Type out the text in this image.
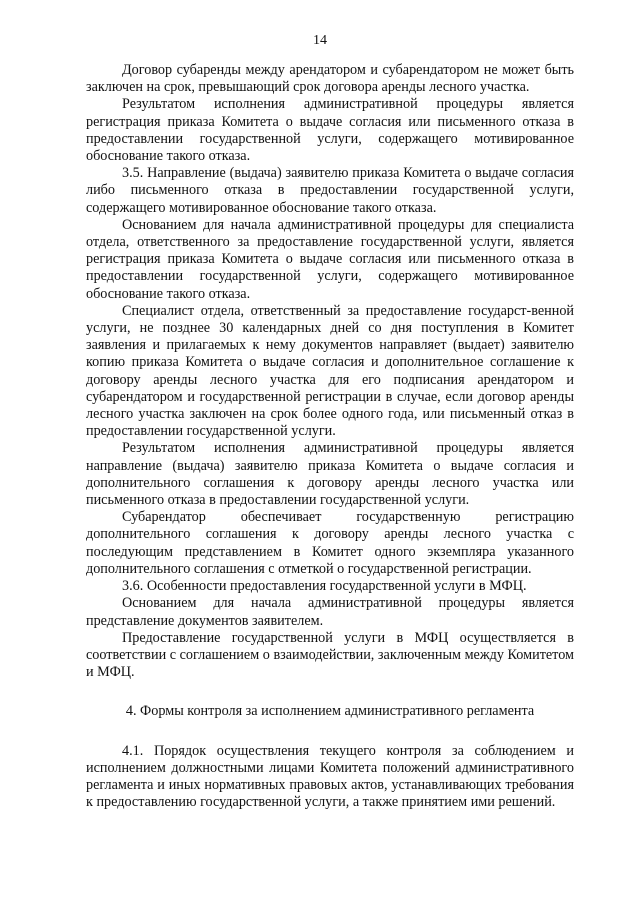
14

Договор субаренды между арендатором и субарендатором не может быть заключен на срок, превышающий срок договора аренды лесного участка.

Результатом исполнения административной процедуры является регистрация приказа Комитета о выдаче согласия или письменного отказа в предоставлении государственной услуги, содержащего мотивированное обоснование такого отказа.

3.5. Направление (выдача) заявителю приказа Комитета о выдаче согласия либо письменного отказа в предоставлении государственной услуги, содержащего мотивированное обоснование такого отказа.

Основанием для начала административной процедуры для специалиста отдела, ответственного за предоставление государственной услуги, является регистрация приказа Комитета о выдаче согласия или письменного отказа в предоставлении государственной услуги, содержащего мотивированное обоснование такого отказа.

Специалист отдела, ответственный за предоставление государст-венной услуги, не позднее 30 календарных дней со дня поступления в Комитет заявления и прилагаемых к нему документов направляет (выдает) заявителю копию приказа Комитета о выдаче согласия и дополнительное соглашение к договору аренды лесного участка для его подписания арендатором и субарендатором и государственной регистрации в случае, если договор аренды лесного участка заключен на срок более одного года, или письменный отказ в предоставлении государственной услуги.

Результатом исполнения административной процедуры является направление (выдача) заявителю приказа Комитета о выдаче согласия и дополнительного соглашения к договору аренды лесного участка или письменного отказа в предоставлении государственной услуги.

Субарендатор обеспечивает государственную регистрацию дополнительного соглашения к договору аренды лесного участка с последующим представлением в Комитет одного экземпляра указанного дополнительного соглашения с отметкой о государственной регистрации.

3.6. Особенности предоставления государственной услуги в МФЦ.

Основанием для начала административной процедуры является представление документов заявителем.

Предоставление государственной услуги в МФЦ осуществляется в соответствии с соглашением о взаимодействии, заключенным между Комитетом и МФЦ.

4. Формы контроля за исполнением административного регламента

4.1. Порядок осуществления текущего контроля за соблюдением и исполнением должностными лицами Комитета положений административного регламента и иных нормативных правовых актов, устанавливающих требования к предоставлению государственной услуги, а также принятием ими решений.
